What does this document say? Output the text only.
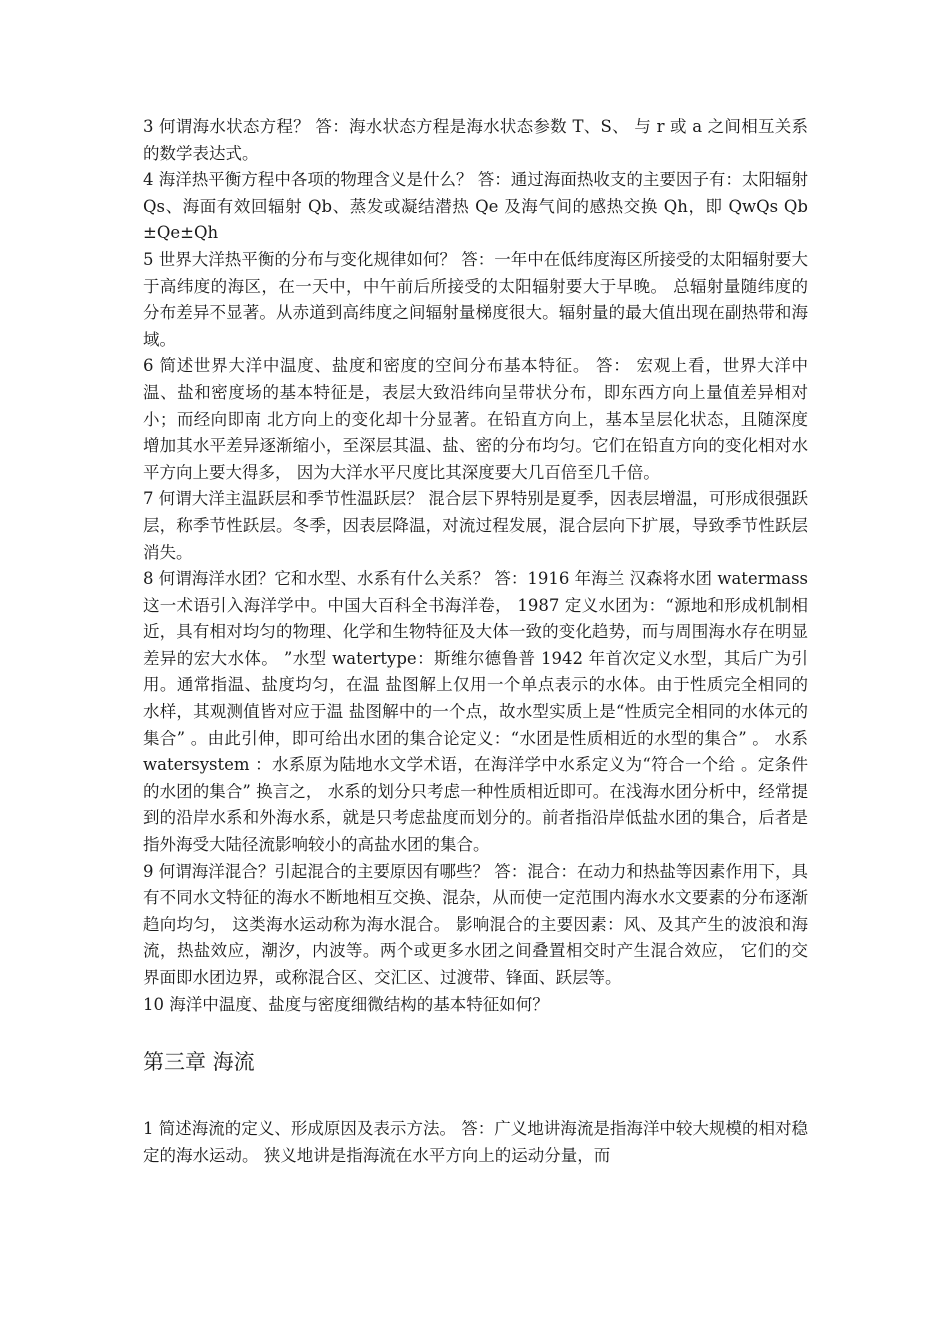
3 何谓海水状态方程？ 答：海水状态方程是海水状态参数 T、S、 与 r 或 a 之间相互关系的数学表达式。

4 海洋热平衡方程中各项的物理含义是什么？ 答：通过海面热收支的主要因子有：太阳辐射 Qs、海面有效回辐射 Qb、蒸发或凝结潜热 Qe 及海气间的感热交换 Qh，即 QwQs Qb±Qe±Qh

5 世界大洋热平衡的分布与变化规律如何？ 答：一年中在低纬度海区所接受的太阳辐射要大于高纬度的海区，在一天中，中午前后所接受的太阳辐射要大于早晚。 总辐射量随纬度的分布差异不显著。从赤道到高纬度之间辐射量梯度很大。辐射量的最大值出现在副热带和海域。

6 简述世界大洋中温度、盐度和密度的空间分布基本特征。 答： 宏观上看，世界大洋中温、盐和密度场的基本特征是，表层大致沿纬向呈带状分布，即东西方向上量值差异相对小；而经向即南 北方向上的变化却十分显著。在铅直方向上，基本呈层化状态，且随深度增加其水平差异逐渐缩小，至深层其温、盐、密的分布均匀。它们在铅直方向的变化相对水平方向上要大得多， 因为大洋水平尺度比其深度要大几百倍至几千倍。

7 何谓大洋主温跃层和季节性温跃层？ 混合层下界特别是夏季，因表层增温，可形成很强跃层，称季节性跃层。冬季，因表层降温，对流过程发展，混合层向下扩展，导致季节性跃层消失。

8 何谓海洋水团？它和水型、水系有什么关系？ 答：1916 年海兰 汉森将水团 watermass 这一术语引入海洋学中。中国大百科全书海洋卷， 1987 定义水团为：“源地和形成机制相近，具有相对均匀的物理、化学和生物特征及大体一致的变化趋势，而与周围海水存在明显差异的宏大水体。 ”水型 watertype：斯维尔德鲁普 1942 年首次定义水型，其后广为引用。通常指温、盐度均匀，在温 盐图解上仅用一个单点表示的水体。由于性质完全相同的水样，其观测值皆对应于温 盐图解中的一个点，故水型实质上是“性质完全相同的水体元的集合” 。由此引伸，即可给出水团的集合论定义：“水团是性质相近的水型的集合” 。 水系 watersystem ：水系原为陆地水文学术语，在海洋学中水系定义为“符合一个给 。定条件的水团的集合” 换言之， 水系的划分只考虑一种性质相近即可。在浅海水团分析中，经常提到的沿岸水系和外海水系，就是只考虑盐度而划分的。前者指沿岸低盐水团的集合，后者是指外海受大陆径流影响较小的高盐水团的集合。

9 何谓海洋混合？引起混合的主要原因有哪些？ 答：混合：在动力和热盐等因素作用下，具有不同水文特征的海水不断地相互交换、混杂，从而使一定范围内海水水文要素的分布逐渐趋向均匀， 这类海水运动称为海水混合。 影响混合的主要因素：风、及其产生的波浪和海流，热盐效应，潮汐，内波等。两个或更多水团之间叠置相交时产生混合效应， 它们的交界面即水团边界，或称混合区、交汇区、过渡带、锋面、跃层等。

10 海洋中温度、盐度与密度细微结构的基本特征如何？

第三章 海流

1 简述海流的定义、形成原因及表示方法。 答：广义地讲海流是指海洋中较大规模的相对稳定的海水运动。 狭义地讲是指海流在水平方向上的运动分量，而
